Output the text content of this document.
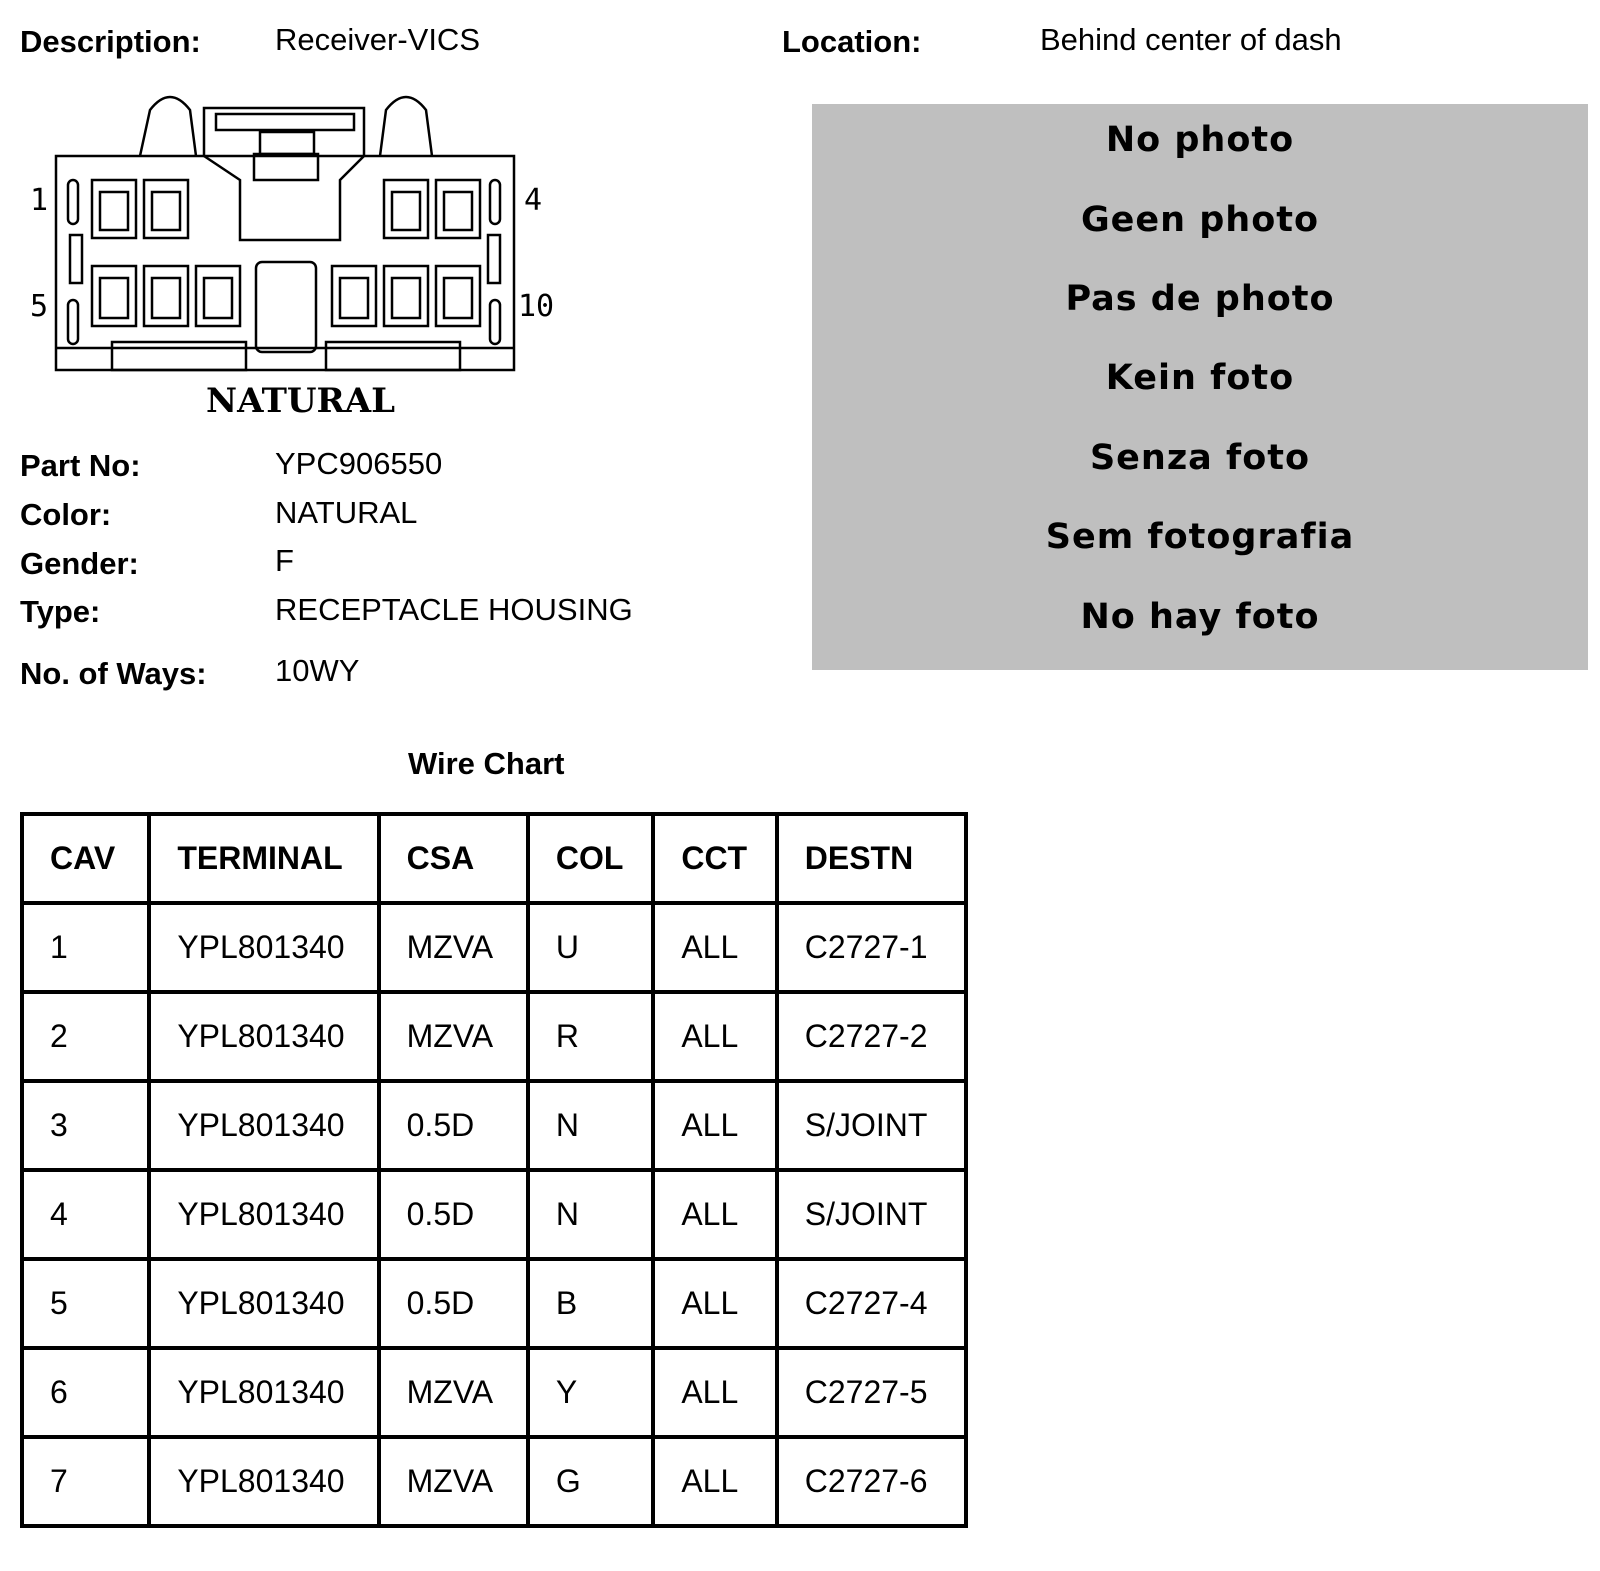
Description: Receiver-VICS	Location:	Behind center of dash
1	4
5	10
NATURAL
Part No:	YPC906550
Color:	NATURAL
Gender:	F
Type:	RECEPTACLE HOUSING
No. of Ways: 10WY
No photo
Geen photo
Pas de photo
Kein foto
Senza foto
Sem fotografia
No hay foto
Wire Chart
CAV	TERMINAL	CSA	COL	CCT	DESTN
1	YPL801340	MZVA	U	ALL	C2727-1
2	YPL801340	MZVA	R	ALL	C2727-2
3	YPL801340	0.5D	N	ALL	S/JOINT
4	YPL801340	0.5D	N	ALL	S/JOINT
5	YPL801340	0.5D	B	ALL	C2727-4
6	YPL801340	MZVA	Y	ALL	C2727-5
7	YPL801340	MZVA	G	ALL	C2727-6
